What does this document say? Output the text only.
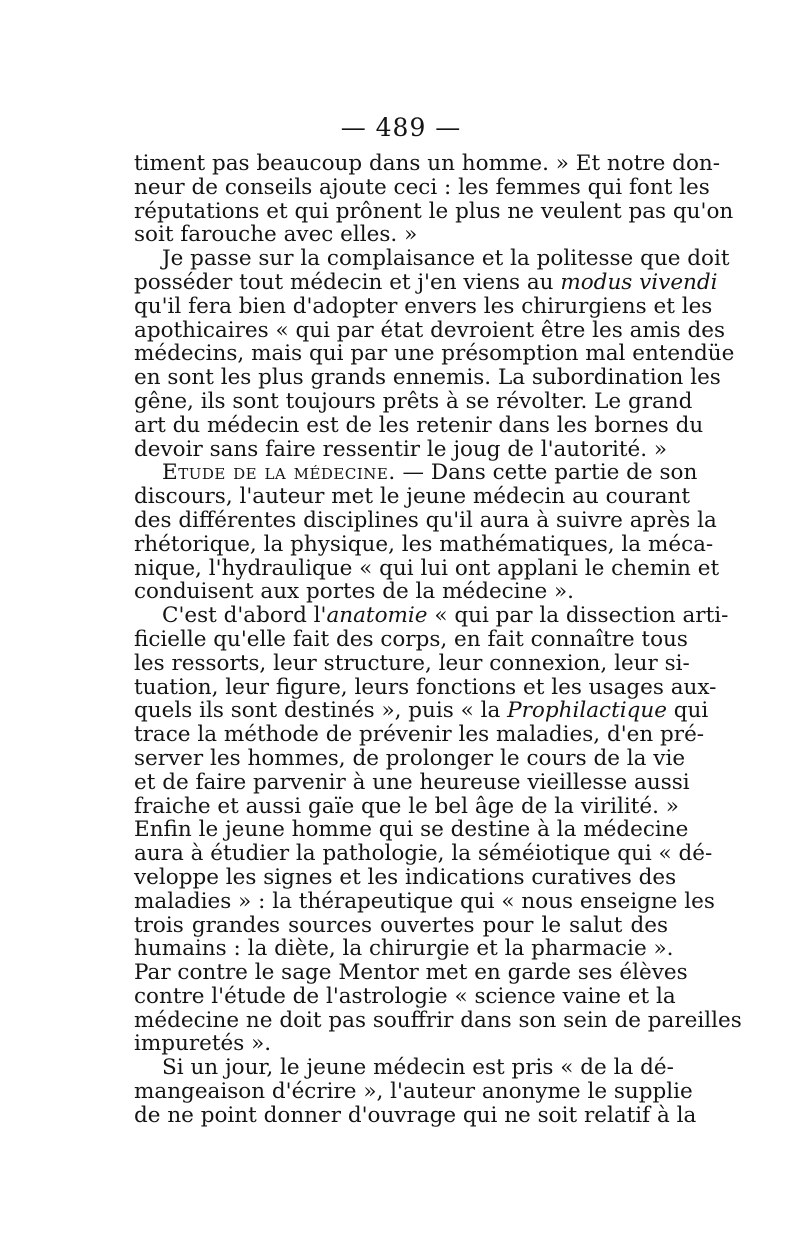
— 489 —
timent pas beaucoup dans un homme. » Et notre don-
neur de conseils ajoute ceci : les femmes qui font les
réputations et qui prônent le plus ne veulent pas qu'on
soit farouche avec elles. »
Je passe sur la complaisance et la politesse que doit
posséder tout médecin et j'en viens au modus vivendi
qu'il fera bien d'adopter envers les chirurgiens et les
apothicaires « qui par état devroient être les amis des
médecins, mais qui par une présomption mal entendüe
en sont les plus grands ennemis. La subordination les
gêne, ils sont toujours prêts à se révolter. Le grand
art du médecin est de les retenir dans les bornes du
devoir sans faire ressentir le joug de l'autorité. »
Etude de la médecine. — Dans cette partie de son
discours, l'auteur met le jeune médecin au courant
des différentes disciplines qu'il aura à suivre après la
rhétorique, la physique, les mathématiques, la méca-
nique, l'hydraulique « qui lui ont applani le chemin et
conduisent aux portes de la médecine ».
C'est d'abord l'anatomie « qui par la dissection arti-
ficielle qu'elle fait des corps, en fait connaître tous
les ressorts, leur structure, leur connexion, leur si-
tuation, leur figure, leurs fonctions et les usages aux-
quels ils sont destinés », puis « la Prophilactique qui
trace la méthode de prévenir les maladies, d'en pré-
server les hommes, de prolonger le cours de la vie
et de faire parvenir à une heureuse vieillesse aussi
fraiche et aussi gaïe que le bel âge de la virilité. »
Enfin le jeune homme qui se destine à la médecine
aura à étudier la pathologie, la séméiotique qui « dé-
veloppe les signes et les indications curatives des
maladies » : la thérapeutique qui « nous enseigne les
trois grandes sources ouvertes pour le salut des
humains : la diète, la chirurgie et la pharmacie ».
Par contre le sage Mentor met en garde ses élèves
contre l'étude de l'astrologie « science vaine et la
médecine ne doit pas souffrir dans son sein de pareilles
impuretés ».
Si un jour, le jeune médecin est pris « de la dé-
mangeaison d'écrire », l'auteur anonyme le supplie
de ne point donner d'ouvrage qui ne soit relatif à la
